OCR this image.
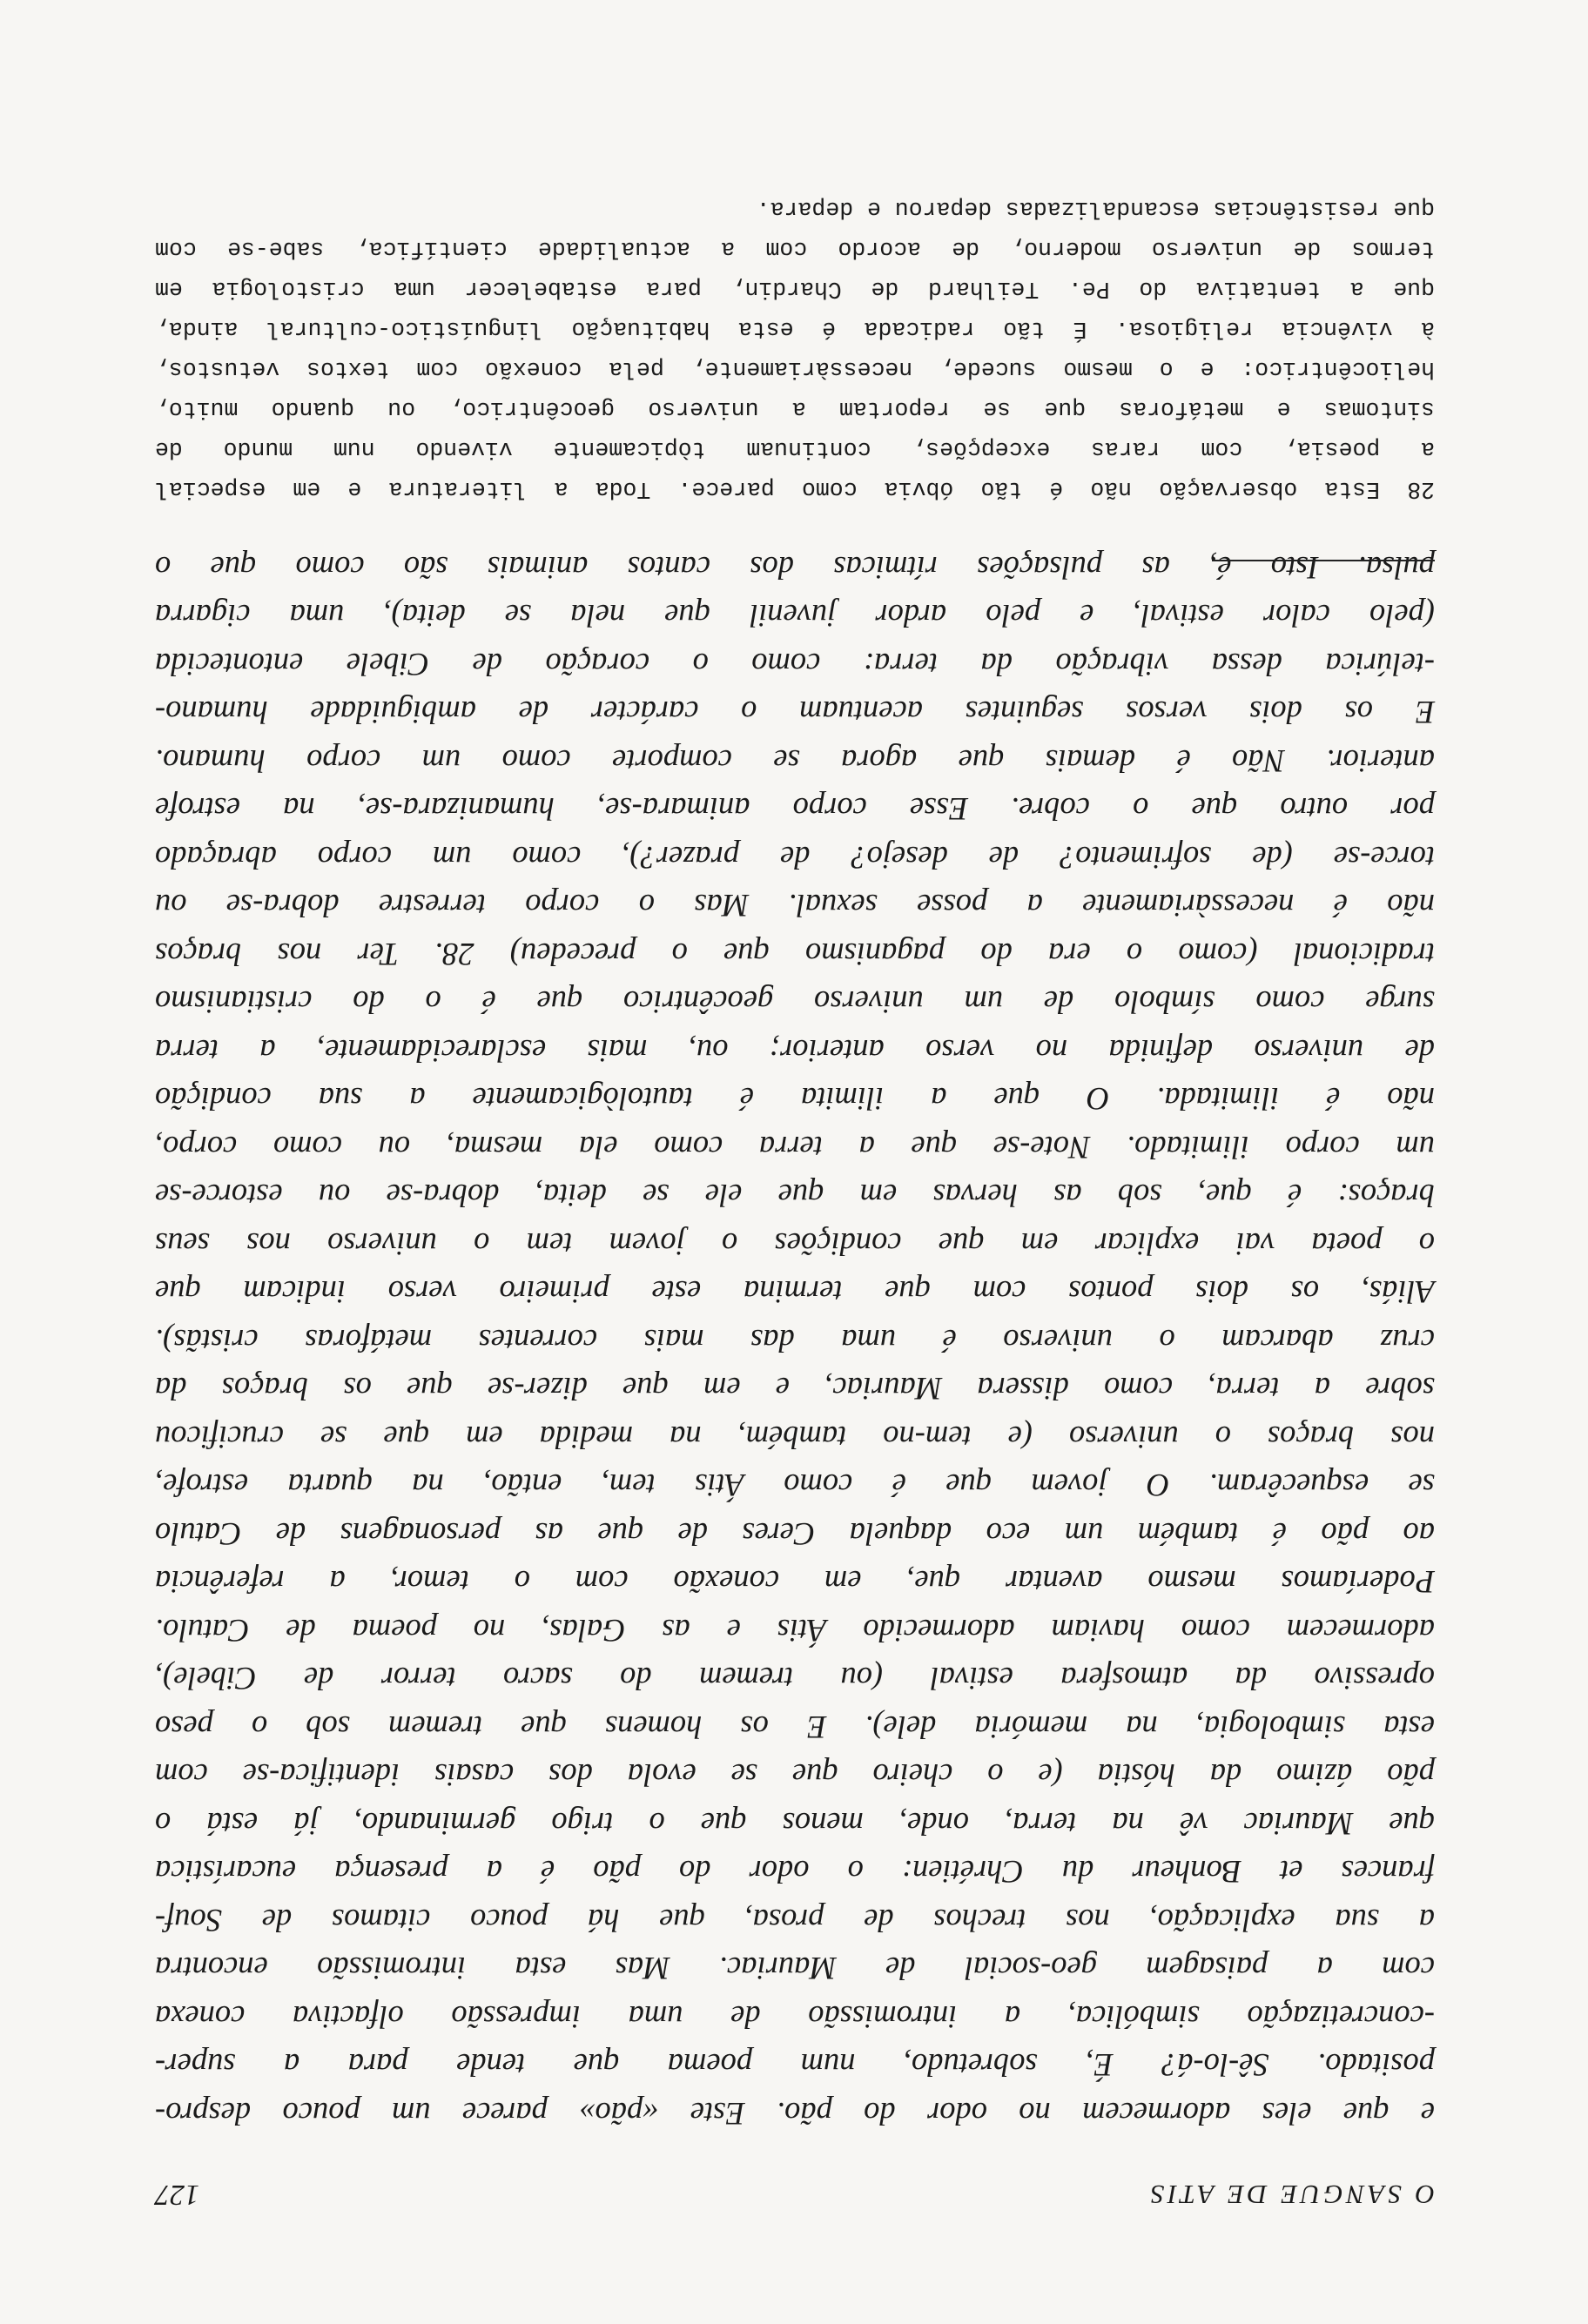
O SANGUE DE ATIS
127
e que eles adormecem no odor do pão. Este «pão» parece um pouco despro-
positado. Sê-lo-á? É, sobretudo, num poema que tende para a super-
-concretização simbólica, a intromissão de uma impressão olfactiva conexa
com a paisagem geo-social de Mauriac. Mas esta intromissão encontra
a sua explicação, nos trechos de prosa, que há pouco citamos de Souf-
frances et Bonheur du Chrétien: o odor do pão é a presença eucarística
que Mauriac vê na terra, onde, menos que o trigo germinando, já está o
pão ázimo da hóstia (e o cheiro que se evola dos casais identifica-se com
esta simbologia, na memória dele). E os homens que tremem sob o peso
opressivo da atmosfera estival (ou tremem do sacro terror de Cibele),
adormecem como haviam adormecido Átis e as Galas, no poema de Catulo.
Poderíamos mesmo aventar que, em conexão com o temor, a referência
ao pão é também um eco daquela Ceres de que as personagens de Catulo
se esquecêram. O jovem que é como Átis tem, então, na quarta estrofe,
nos braços o universo (e tem-no também, na medida em que se crucificou
sobre a terra, como dissera Mauriac, e em que dizer-se que os braços da
cruz abarcam o universo é uma das mais correntes metáforas cristãs).
Aliás, os dois pontos com que termina este primeiro verso indicam que
o poeta vai explicar em que condições o jovem tem o universo nos seus
braços: é que, sob as hervas em que ele se deita, dobra-se ou estorce-se
um corpo ilimitado. Note-se que a terra como ela mesma, ou como corpo,
não é ilimitada. O que a ilimita é tautològicamente a sua condição
de universo definida no verso anterior; ou, mais esclarecidamente, a terra
surge como símbolo de um universo geocêntrico que é o do cristianismo
tradicional (como o era do paganismo que o precedeu) 28. Ter nos braços
não é necessàriamente a posse sexual. Mas o corpo terrestre dobra-se ou
torce-se (de sofrimento? de desejo? de prazer?), como um corpo abraçado
por outro que o cobre. Esse corpo animara-se, humanizara-se, na estrofe
anterior. Não é demais que agora se comporte como um corpo humano.
E os dois versos seguintes acentuam o carácter de ambiguidade humano-
-telúrica dessa vibração da terra: como o coração de Cibele entontecida
(pelo calor estival, e pelo ardor juvenil que nela se deita), uma cigarra
pulsa. Isto é, as pulsações rítmicas dos cantos animais são como que o
28 Esta observação não é tão óbvia como parece. Toda a literatura e em especial
a poesia, com raras excepções, continuam tòpicamente vivendo num mundo de
sintomas e metáforas que se reportam a universo geocêntrico, ou quando muito,
heliocêntrico: e o mesmo sucede, necessàriamente, pela conexão com textos vetustos,
à vivência religiosa. É tão radicada é esta habituação linguístico-cultural ainda,
que a tentativa do Pe. Teilhard de Chardin, para estabelecer uma cristologia em
termos de universo moderno, de acordo com a actualidade científica, sabe-se com
que resistências escandalizadas deparou e depara.
